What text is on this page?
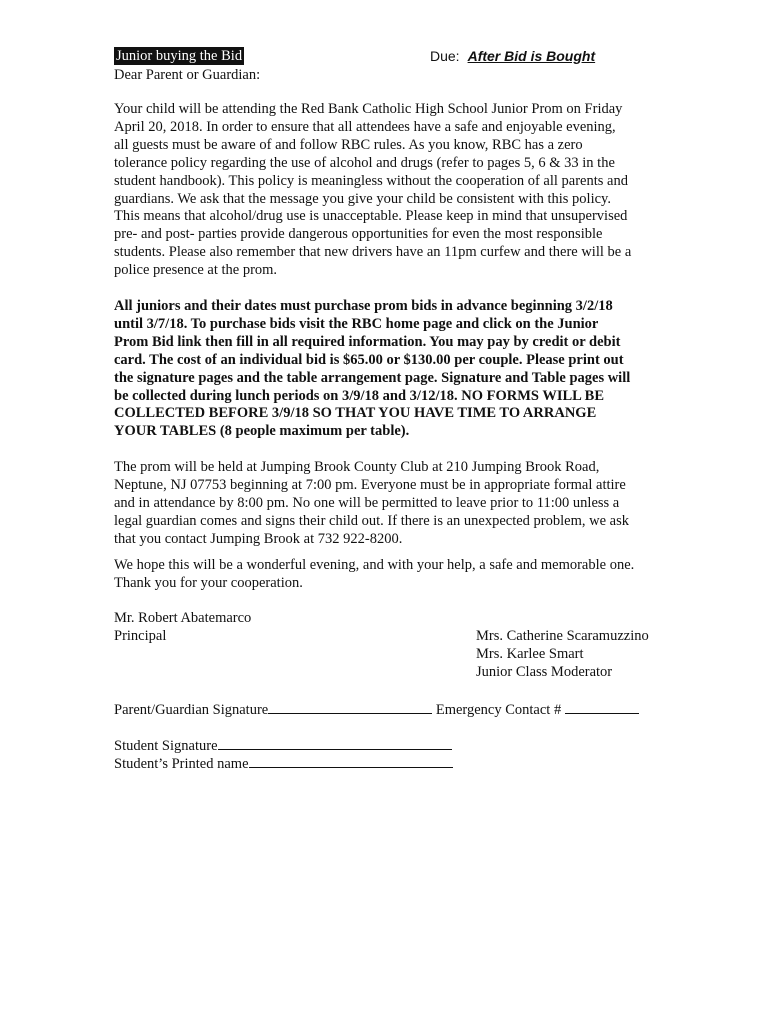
Junior buying the Bid	Due: After Bid is Bought
Dear Parent or Guardian:
Your child will be attending the Red Bank Catholic High School Junior Prom on Friday
April 20, 2018. In order to ensure that all attendees have a safe and enjoyable evening,
all guests must be aware of and follow RBC rules. As you know, RBC has a zero
tolerance policy regarding the use of alcohol and drugs (refer to pages 5, 6 & 33 in the
student handbook). This policy is meaningless without the cooperation of all parents and
guardians. We ask that the message you give your child be consistent with this policy.
This means that alcohol/drug use is unacceptable. Please keep in mind that unsupervised
pre- and post- parties provide dangerous opportunities for even the most responsible
students. Please also remember that new drivers have an 11pm curfew and there will be a
police presence at the prom.
All juniors and their dates must purchase prom bids in advance beginning 3/2/18
until 3/7/18. To purchase bids visit the RBC home page and click on the Junior
Prom Bid link then fill in all required information. You may pay by credit or debit
card. The cost of an individual bid is $65.00 or $130.00 per couple. Please print out
the signature pages and the table arrangement page. Signature and Table pages will
be collected during lunch periods on 3/9/18 and 3/12/18. NO FORMS WILL BE
COLLECTED BEFORE 3/9/18 SO THAT YOU HAVE TIME TO ARRANGE
YOUR TABLES (8 people maximum per table).
The prom will be held at Jumping Brook County Club at 210 Jumping Brook Road,
Neptune, NJ 07753 beginning at 7:00 pm. Everyone must be in appropriate formal attire
and in attendance by 8:00 pm. No one will be permitted to leave prior to 11:00 unless a
legal guardian comes and signs their child out. If there is an unexpected problem, we ask
that you contact Jumping Brook at 732 922-8200.
We hope this will be a wonderful evening, and with your help, a safe and memorable one.
Thank you for your cooperation.
Mr. Robert Abatemarco
Principal	Mrs. Catherine Scaramuzzino
Mrs. Karlee Smart
Junior Class Moderator
Parent/Guardian Signature	Emergency Contact #
Student Signature
Student’s Printed name
